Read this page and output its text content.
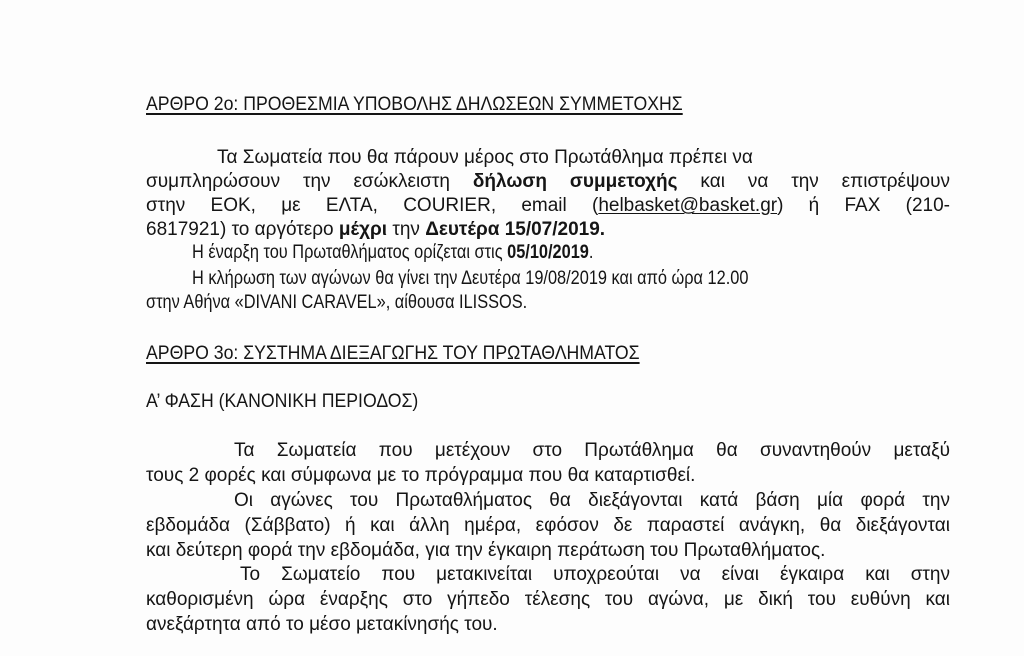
ΑΡΘΡΟ 2ο: ΠΡΟΘΕΣΜΙΑ ΥΠΟΒΟΛΗΣ ΔΗΛΩΣΕΩΝ ΣΥΜΜΕΤΟΧΗΣ
Τα Σωματεία που θα πάρουν μέρος στο Πρωτάθλημα πρέπει να
συμπληρώσουν την εσώκλειστη δήλωση συμμετοχής και να την επιστρέψουν
στην ΕΟΚ, με ΕΛΤΑ, COURIER, email (helbasket@basket.gr) ή FAX (210-
6817921) το αργότερο μέχρι την Δευτέρα 15/07/2019.
Η έναρξη του Πρωταθλήματος ορίζεται στις 05/10/2019.
Η κλήρωση των αγώνων θα γίνει την Δευτέρα 19/08/2019 και από ώρα 12.00
στην Αθήνα «DIVANI CARAVEL», αίθουσα ILISSOS.
ΑΡΘΡΟ 3ο: ΣΥΣΤΗΜΑ ΔΙΕΞΑΓΩΓΗΣ ΤΟΥ ΠΡΩΤΑΘΛΗΜΑΤΟΣ
Α’ ΦΑΣΗ (ΚΑΝΟΝΙΚΗ ΠΕΡΙΟΔΟΣ)
Τα Σωματεία που μετέχουν στο Πρωτάθλημα θα συναντηθούν μεταξύ
τους 2 φορές και σύμφωνα με το πρόγραμμα που θα καταρτισθεί.
Οι αγώνες του Πρωταθλήματος θα διεξάγονται κατά βάση μία φορά την
εβδομάδα (Σάββατο) ή και άλλη ημέρα, εφόσον δε παραστεί ανάγκη, θα διεξάγονται
και δεύτερη φορά την εβδομάδα, για την έγκαιρη περάτωση του Πρωταθλήματος.
Το Σωματείο που μετακινείται υποχρεούται να είναι έγκαιρα και στην
καθορισμένη ώρα έναρξης στο γήπεδο τέλεσης του αγώνα, με δική του ευθύνη και
ανεξάρτητα από το μέσο μετακίνησής του.
